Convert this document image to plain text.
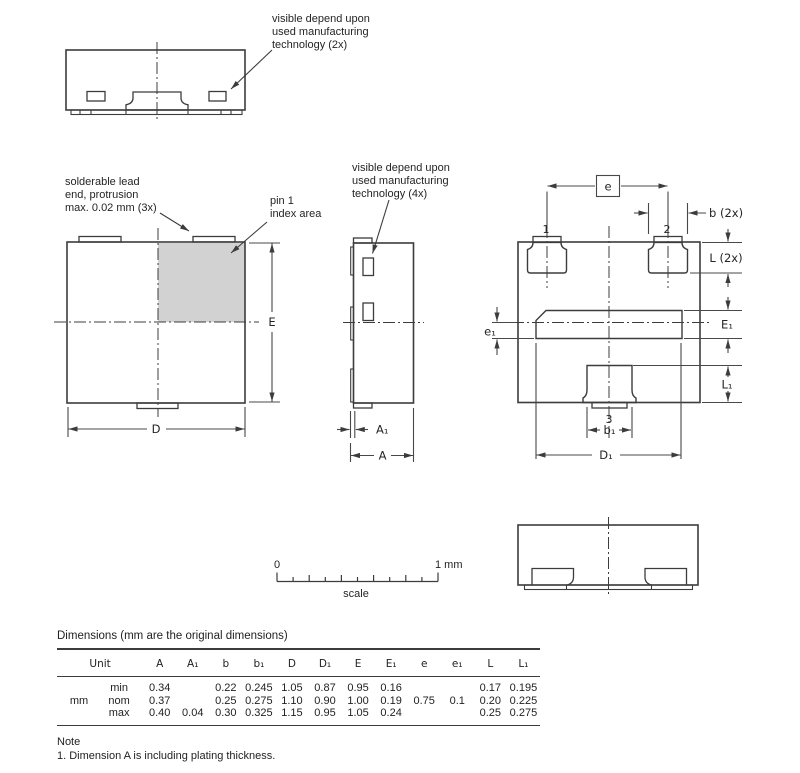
visible depend upon
used manufacturing
technology (2x)
E
D
solderable lead
end, protrusion
max. 0.02 mm (3x)
pin 1
index area
visible depend upon
used manufacturing
technology (4x)
A₁
A
1	2
3
e
b (2x)
L (2x)
E₁
L₁
e₁
b₁
D₁
0	1 mm
scale

Dimensions (mm are the original dimensions)

Unit		A	A₁	b	b₁	D	D₁	E	E₁	e	e₁	L	L₁
	min	0.34		0.22	0.245	1.05	0.87	0.95	0.16			0.17	0.195
mm	nom	0.37		0.25	0.275	1.10	0.90	1.00	0.19	0.75	0.1	0.20	0.225
	max	0.40	0.04	0.30	0.325	1.15	0.95	1.05	0.24			0.25	0.275

Note

1. Dimension A is including plating thickness.
